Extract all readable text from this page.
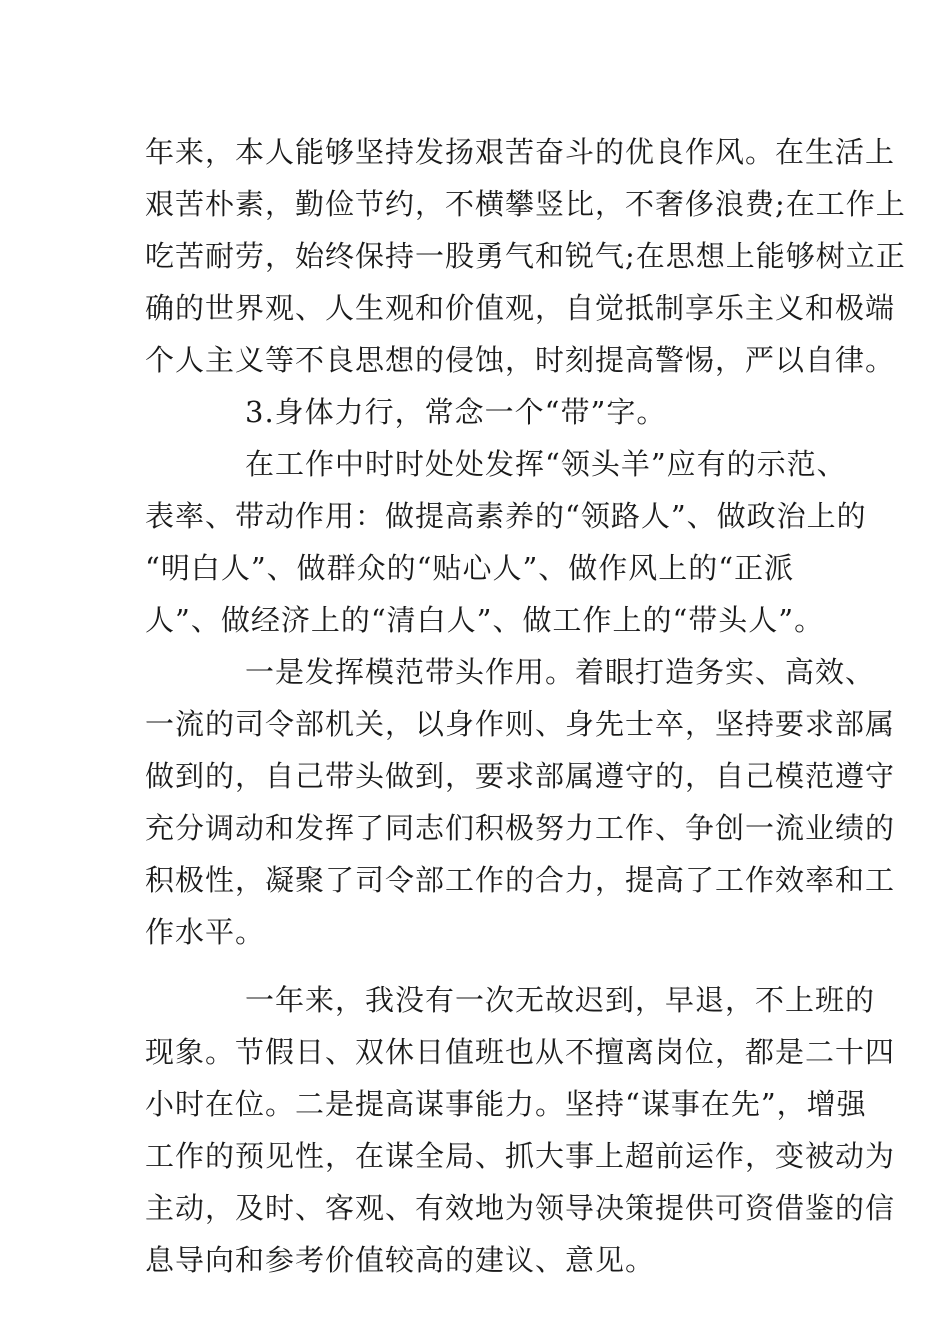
年来，本人能够坚持发扬艰苦奋斗的优良作风。在生活上
艰苦朴素，勤俭节约，不横攀竖比，不奢侈浪费;在工作上
吃苦耐劳，始终保持一股勇气和锐气;在思想上能够树立正
确的世界观、人生观和价值观，自觉抵制享乐主义和极端
个人主义等不良思想的侵蚀，时刻提高警惕，严以自律。
3.身体力行，常念一个“带”字。
在工作中时时处处发挥“领头羊”应有的示范、
表率、带动作用：做提高素养的“领路人”、做政治上的
“明白人”、做群众的“贴心人”、做作风上的“正派
人”、做经济上的“清白人”、做工作上的“带头人”。
一是发挥模范带头作用。着眼打造务实、高效、
一流的司令部机关，以身作则、身先士卒，坚持要求部属
做到的，自己带头做到，要求部属遵守的，自己模范遵守
充分调动和发挥了同志们积极努力工作、争创一流业绩的
积极性，凝聚了司令部工作的合力，提高了工作效率和工
作水平。
一年来，我没有一次无故迟到，早退，不上班的
现象。节假日、双休日值班也从不擅离岗位，都是二十四
小时在位。二是提高谋事能力。坚持“谋事在先”，增强
工作的预见性，在谋全局、抓大事上超前运作，变被动为
主动，及时、客观、有效地为领导决策提供可资借鉴的信
息导向和参考价值较高的建议、意见。
